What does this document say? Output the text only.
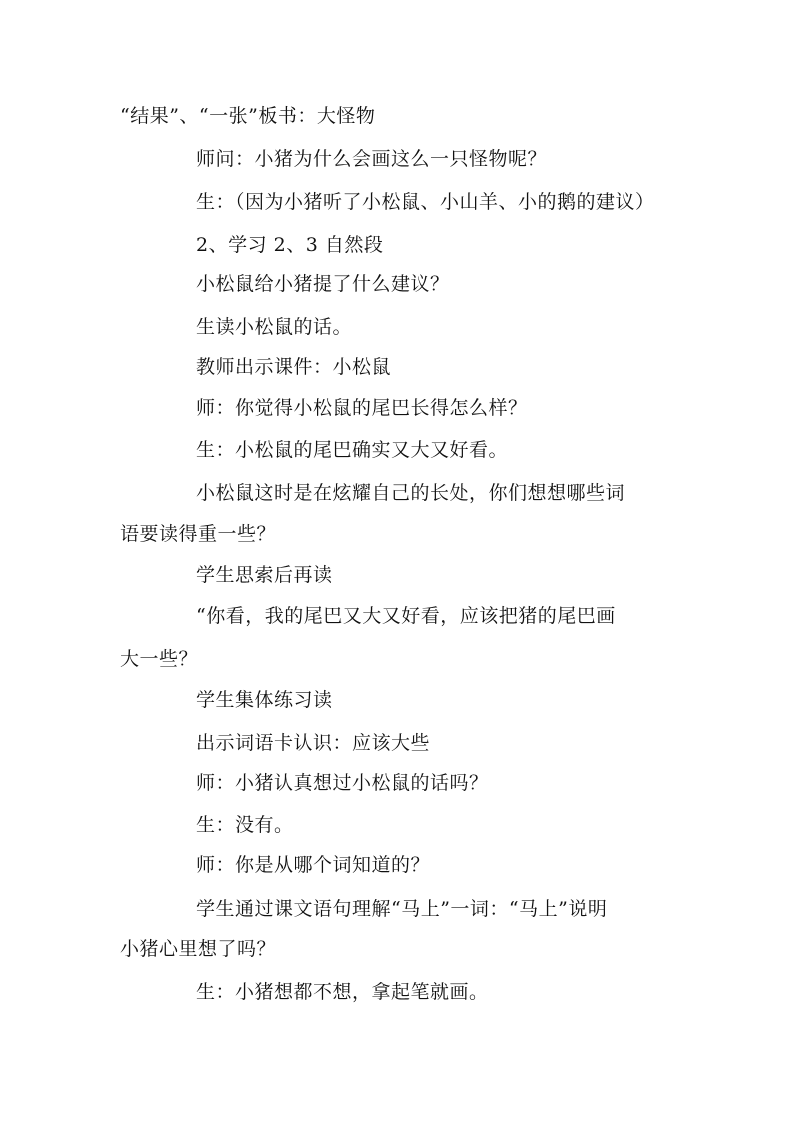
“结果”、“一张”板书：大怪物
师问：小猪为什么会画这么一只怪物呢？
生：（因为小猪听了小松鼠、小山羊、小的鹅的建议）
2、学习 2、3 自然段
小松鼠给小猪提了什么建议？
生读小松鼠的话。
教师出示课件：小松鼠
师：你觉得小松鼠的尾巴长得怎么样？
生：小松鼠的尾巴确实又大又好看。
小松鼠这时是在炫耀自己的长处，你们想想哪些词
语要读得重一些？
学生思索后再读
“你看，我的尾巴又大又好看，应该把猪的尾巴画
大一些？
学生集体练习读
出示词语卡认识：应该大些
师：小猪认真想过小松鼠的话吗？
生：没有。
师：你是从哪个词知道的？
学生通过课文语句理解“马上”一词：“马上”说明
小猪心里想了吗？
生：小猪想都不想，拿起笔就画。
